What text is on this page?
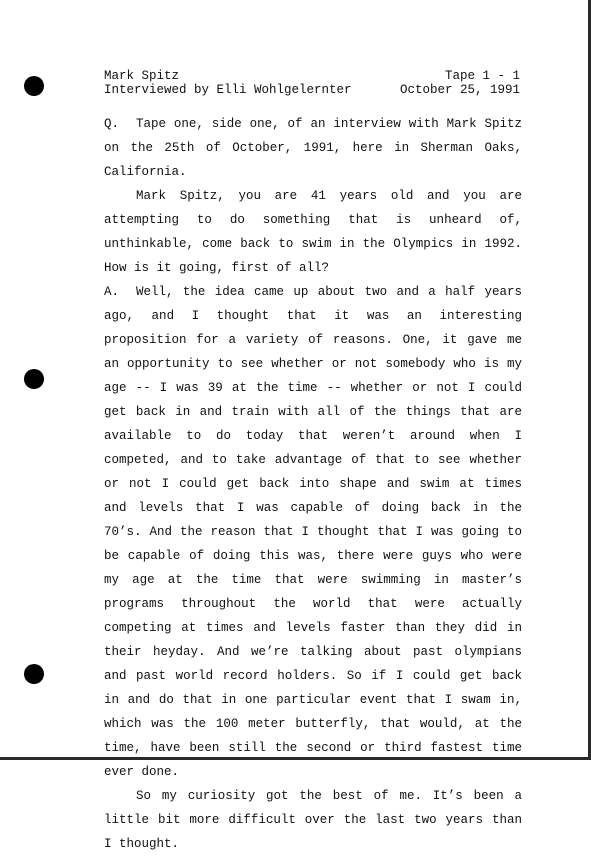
Mark Spitz	Tape 1 - 1
Interviewed by Elli Wohlgelernter	October 25, 1991

Q. Tape one, side one, of an interview with Mark Spitz on the 25th of October, 1991, here in Sherman Oaks, California.

Mark Spitz, you are 41 years old and you are attempting to do something that is unheard of, unthinkable, come back to swim in the Olympics in 1992. How is it going, first of all?

A. Well, the idea came up about two and a half years ago, and I thought that it was an interesting proposition for a variety of reasons. One, it gave me an opportunity to see whether or not somebody who is my age -- I was 39 at the time -- whether or not I could get back in and train with all of the things that are available to do today that weren’t around when I competed, and to take advantage of that to see whether or not I could get back into shape and swim at times and levels that I was capable of doing back in the 70’s. And the reason that I thought that I was going to be capable of doing this was, there were guys who were my age at the time that were swimming in master’s programs throughout the world that were actually competing at times and levels faster than they did in their heyday. And we’re talking about past olympians and past world record holders. So if I could get back in and do that in one particular event that I swam in, which was the 100 meter butterfly, that would, at the time, have been still the second or third fastest time ever done.

So my curiosity got the best of me. It’s been a little bit more difficult over the last two years than I thought.
